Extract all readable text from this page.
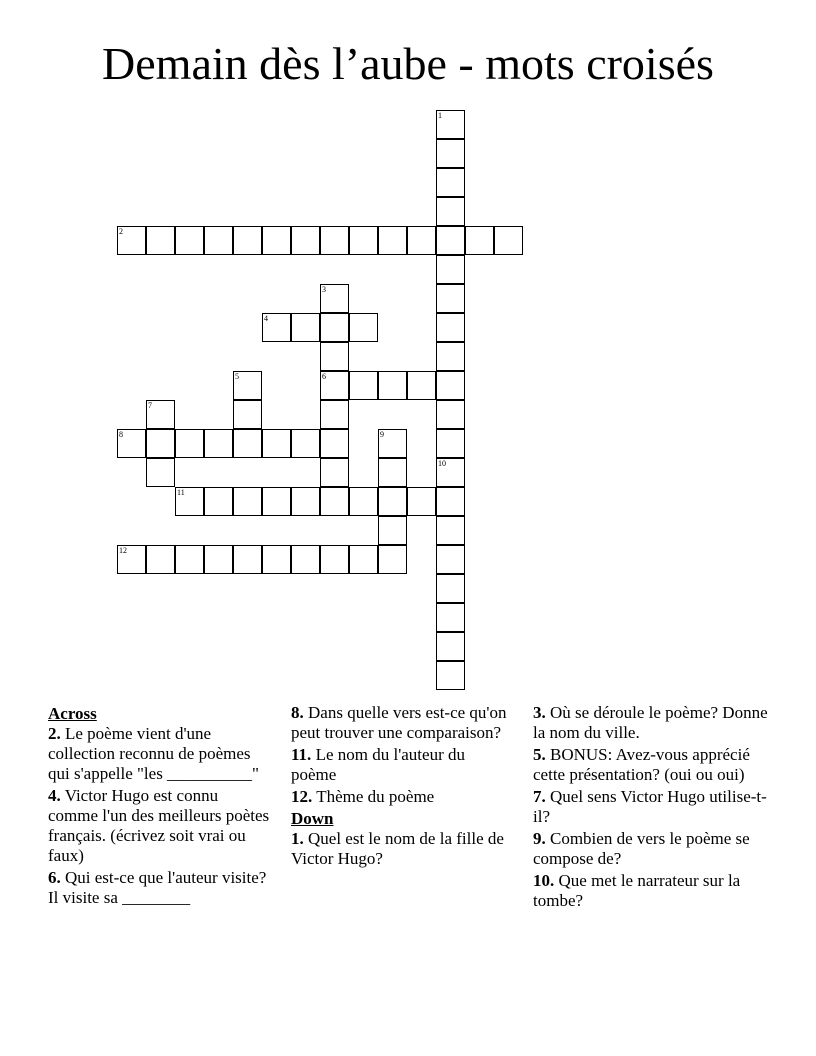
Demain dès l’aube - mots croisés
1
10
2
3
6
4
5
7
8	9
11
12
Across
2. Le poème vient d'une collection reconnu de poèmes qui s'appelle "les __________"
4. Victor Hugo est connu comme l'un des meilleurs poètes français. (écrivez soit vrai ou faux)
6. Qui est-ce que l'auteur visite? Il visite sa ________
8. Dans quelle vers est-ce qu'on peut trouver une comparaison?
11. Le nom du l'auteur du poème
12. Thème du poème
Down
1. Quel est le nom de la fille de Victor Hugo?
3. Où se déroule le poème? Donne la nom du ville.
5. BONUS: Avez-vous apprécié cette présentation? (oui ou oui)
7. Quel sens Victor Hugo utilise-t-il?
9. Combien de vers le poème se compose de?
10. Que met le narrateur sur la tombe?
